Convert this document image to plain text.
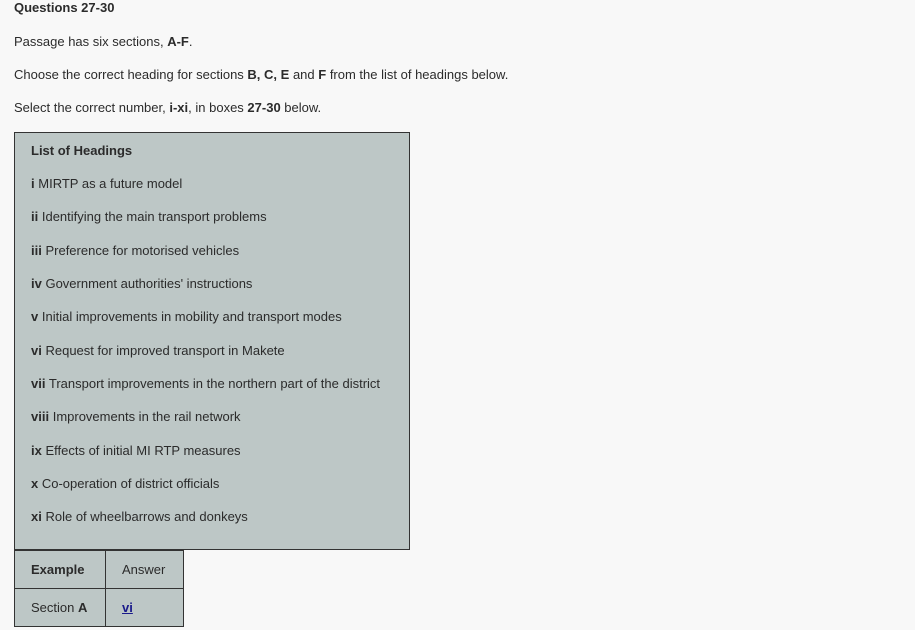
Questions 27-30
Passage has six sections, A-F.
Choose the correct heading for sections B, C, E and F from the list of headings below.
Select the correct number, i-xi, in boxes 27-30 below.
List of Headings
i MIRTP as a future model
ii Identifying the main transport problems
iii Preference for motorised vehicles
iv Government authorities' instructions
v Initial improvements in mobility and transport modes
vi Request for improved transport in Makete
vii Transport improvements in the northern part of the district
viii Improvements in the rail network
ix Effects of initial MI RTP measures
x Co-operation of district officials
xi Role of wheelbarrows and donkeys
Example	Answer
Section A	vi
